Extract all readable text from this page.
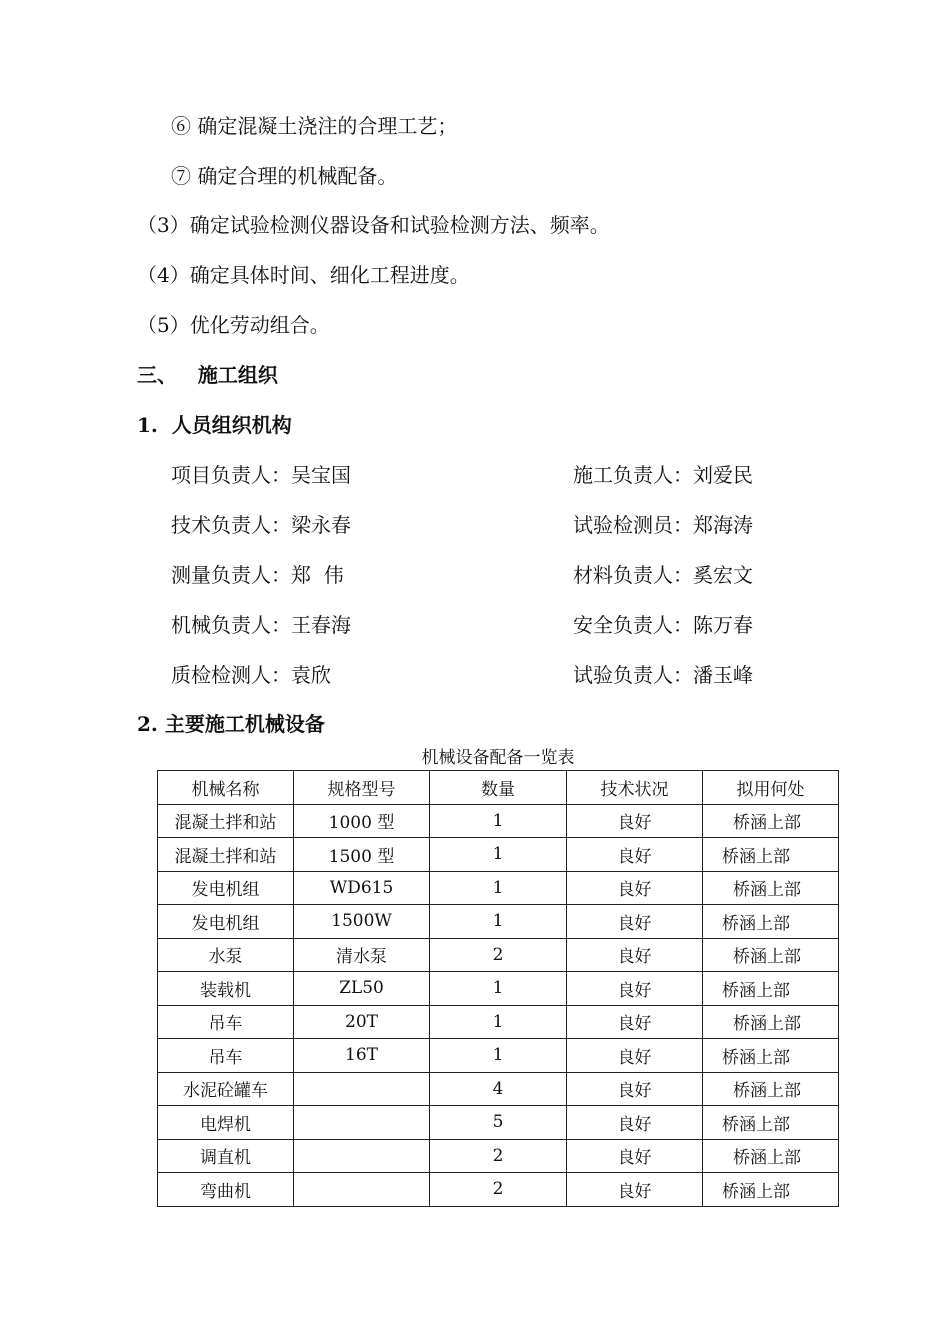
⑥ 确定混凝土浇注的合理工艺；
⑦ 确定合理的机械配备。
（3）确定试验检测仪器设备和试验检测方法、频率。
（4）确定具体时间、细化工程进度。
（5）优化劳动组合。
三、   施工组织
1.  人员组织机构
项目负责人：吴宝国	施工负责人：刘爱民
技术负责人：梁永春	试验检测员：郑海涛
测量负责人：郑  伟	材料负责人：奚宏文
机械负责人：王春海	安全负责人：陈万春
质检检测人：袁欣	试验负责人：潘玉峰
2. 主要施工机械设备
机械设备配备一览表
机械名称	规格型号	数量	技术状况	拟用何处
混凝土拌和站	1000 型	1	良好	桥涵上部
混凝土拌和站	1500 型	1	良好	桥涵上部
发电机组	WD615	1	良好	桥涵上部
发电机组	1500W	1	良好	桥涵上部
水泵	清水泵	2	良好	桥涵上部
装载机	ZL50	1	良好	桥涵上部
吊车	20T	1	良好	桥涵上部
吊车	16T	1	良好	桥涵上部
水泥砼罐车		4	良好	桥涵上部
电焊机		5	良好	桥涵上部
调直机		2	良好	桥涵上部
弯曲机		2	良好	桥涵上部
